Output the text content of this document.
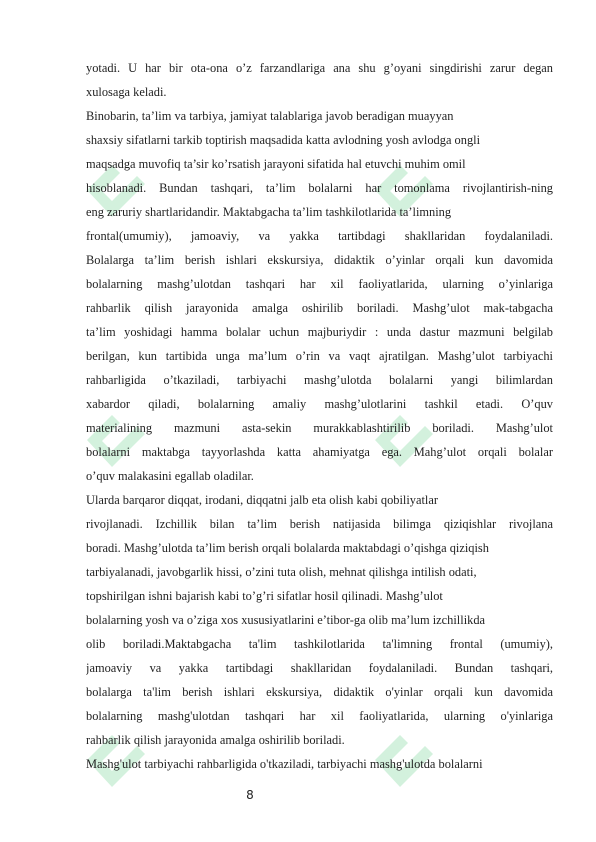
yotadi. U har bir ota-ona o’z farzandlariga ana shu g’oyani singdirishi zarur degan
xulosaga keladi.
Binobarin, ta’lim va tarbiya, jamiyat talablariga javob beradigan muayyan
shaxsiy sifatlarni tarkib toptirish maqsadida katta avlodning yosh avlodga ongli
maqsadga muvofiq ta’sir ko’rsatish jarayoni sifatida hal etuvchi muhim omil
hisoblanadi. Bundan tashqari, ta’lim bolalarni har tomonlama rivojlantirish-ning
eng zaruriy shartlaridandir. Maktabgacha ta’lim tashkilotlarida ta’limning
frontal(umumiy), jamoaviy, va yakka tartibdagi shakllaridan foydalaniladi.
Bolalarga ta’lim berish ishlari ekskursiya, didaktik o’yinlar orqali kun davomida
bolalarning mashg’ulotdan tashqari har xil faoliyatlarida, ularning o’yinlariga
rahbarlik qilish jarayonida amalga oshirilib boriladi. Mashg’ulot mak-tabgacha
ta’lim yoshidagi hamma bolalar uchun majburiydir : unda dastur mazmuni belgilab
berilgan, kun tartibida unga ma’lum o’rin va vaqt ajratilgan. Mashg’ulot tarbiyachi
rahbarligida o’tkaziladi, tarbiyachi mashg’ulotda bolalarni yangi bilimlardan
xabardor qiladi, bolalarning amaliy mashg’ulotlarini tashkil etadi. O’quv
materialining mazmuni asta-sekin murakkablashtirilib boriladi. Mashg’ulot
bolalarni maktabga tayyorlashda katta ahamiyatga ega. Mahg’ulot orqali bolalar
o’quv malakasini egallab oladilar.
Ularda barqaror diqqat, irodani, diqqatni jalb eta olish kabi qobiliyatlar
rivojlanadi. Izchillik bilan ta’lim berish natijasida bilimga qiziqishlar rivojlana
boradi. Mashg’ulotda ta’lim berish orqali bolalarda maktabdagi o’qishga qiziqish
tarbiyalanadi, javobgarlik hissi, o’zini tuta olish, mehnat qilishga intilish odati,
topshirilgan ishni bajarish kabi to’g’ri sifatlar hosil qilinadi. Mashg’ulot
bolalarning yosh va o’ziga xos xususiyatlarini e’tibor-ga olib ma’lum izchillikda
olib boriladi.Maktabgacha ta'lim tashkilotlarida ta'limning frontal (umumiy),
jamoaviy va yakka tartibdagi shakllaridan foydalaniladi. Bundan tashqari,
bolalarga ta'lim berish ishlari ekskursiya, didaktik o'yinlar orqali kun davomida
bolalarning mashg'ulotdan tashqari har xil faoliyatlarida, ularning o'yinlariga
rahbarlik qilish jarayonida amalga oshirilib boriladi.
Mashg'ulot tarbiyachi rahbarligida o'tkaziladi, tarbiyachi mashg'ulotda bolalarni
8
